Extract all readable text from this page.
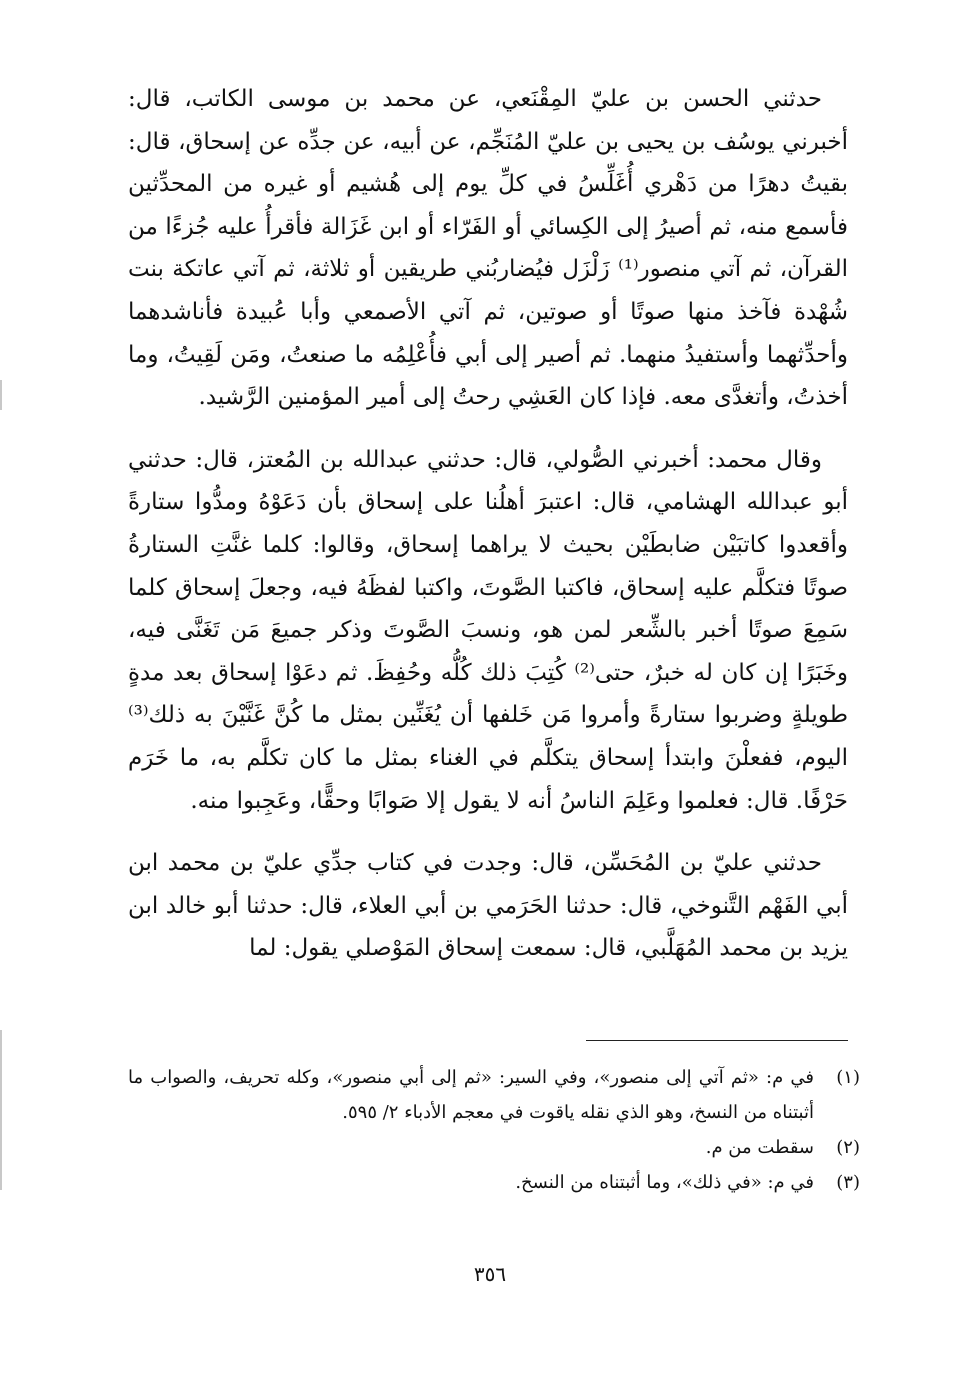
حدثني الحسن بن عليّ المِقْنَعي، عن محمد بن موسى الكاتب، قال: أخبرني يوسُف بن يحيى بن عليّ المُنَجِّم، عن أبيه، عن جدِّه عن إسحاق، قال: بقيتُ دهرًا من دَهْري أُغَلِّسُ في كلِّ يوم إلى هُشيم أو غيره من المحدِّثين فأسمع منه، ثم أصيرُ إلى الكِسائي أو الفَرّاء أو ابن غَزَالة فأقرأُ عليه جُزءًا من القرآن، ثم آتي منصور⁽¹⁾ زَلْزَل فيُضاربُني طريقين أو ثلاثة، ثم آتي عاتكة بنت شُهْدة فآخذ منها صوتًا أو صوتين، ثم آتي الأصمعي وأبا عُبيدة فأناشدهما وأحدِّثهما وأستفيدُ منهما. ثم أصير إلى أبي فأُعْلِمُه ما صنعتُ، ومَن لَقِيتُ، وما أخذتُ، وأتغدَّى معه. فإذا كان العَشِي رحتُ إلى أمير المؤمنين الرَّشيد.

وقال محمد: أخبرني الصُّولي، قال: حدثني عبدالله بن المُعتز، قال: حدثني أبو عبدالله الهشامي، قال: اعتبرَ أهلُنا على إسحاق بأن دَعَوْهُ ومدُّوا ستارةً وأقعدوا كاتبَيْن ضابطَيْن بحيث لا يراهما إسحاق، وقالوا: كلما غنَّتِ الستارةُ صوتًا فتكلَّم عليه إسحاق، فاكتبا الصَّوتَ، واكتبا لفظَهُ فيه، وجعلَ إسحاق كلما سَمِعَ صوتًا أخبر بالشِّعر لمن هو، ونسبَ الصَّوتَ وذكر جميعَ مَن تَغَنَّى فيه، وخَبَرًا إن كان له خبرٌ، حتى⁽²⁾ كُتِبَ ذلك كُلُّه وحُفِظَ. ثم دعَوْا إسحاق بعد مدةٍ طويلةٍ وضربوا ستارةً وأمروا مَن خَلفها أن يُغَنِّين بمثل ما كُنَّ غَنَّيْنَ به ذلك⁽³⁾ اليوم، ففعلْنَ وابتدأ إسحاق يتكلَّم في الغناء بمثل ما كان تكلَّم به، ما خَرَم حَرْفًا. قال: فعلموا وعَلِمَ الناسُ أنه لا يقول إلا صَوابًا وحقًّا، وعَجِبوا منه.

حدثني عليّ بن المُحَسِّن، قال: وجدت في كتاب جدِّي عليّ بن محمد ابن أبي الفَهْم التَّنوخي، قال: حدثنا الحَرَمي بن أبي العلاء، قال: حدثنا أبو خالد ابن يزيد بن محمد المُهَلَّبي، قال: سمعت إسحاق المَوْصلي يقول: لما

(١)
في م: «ثم آتي إلى منصور»، وفي السير: «ثم إلى أبي منصور»، وكله تحريف، والصواب ما أثبتناه من النسخ، وهو الذي نقله ياقوت في معجم الأدباء ٢/ ٥٩٥.
(٢)
سقطت من م.
(٣)
في م: «في ذلك»، وما أثبتناه من النسخ.
٣٥٦
